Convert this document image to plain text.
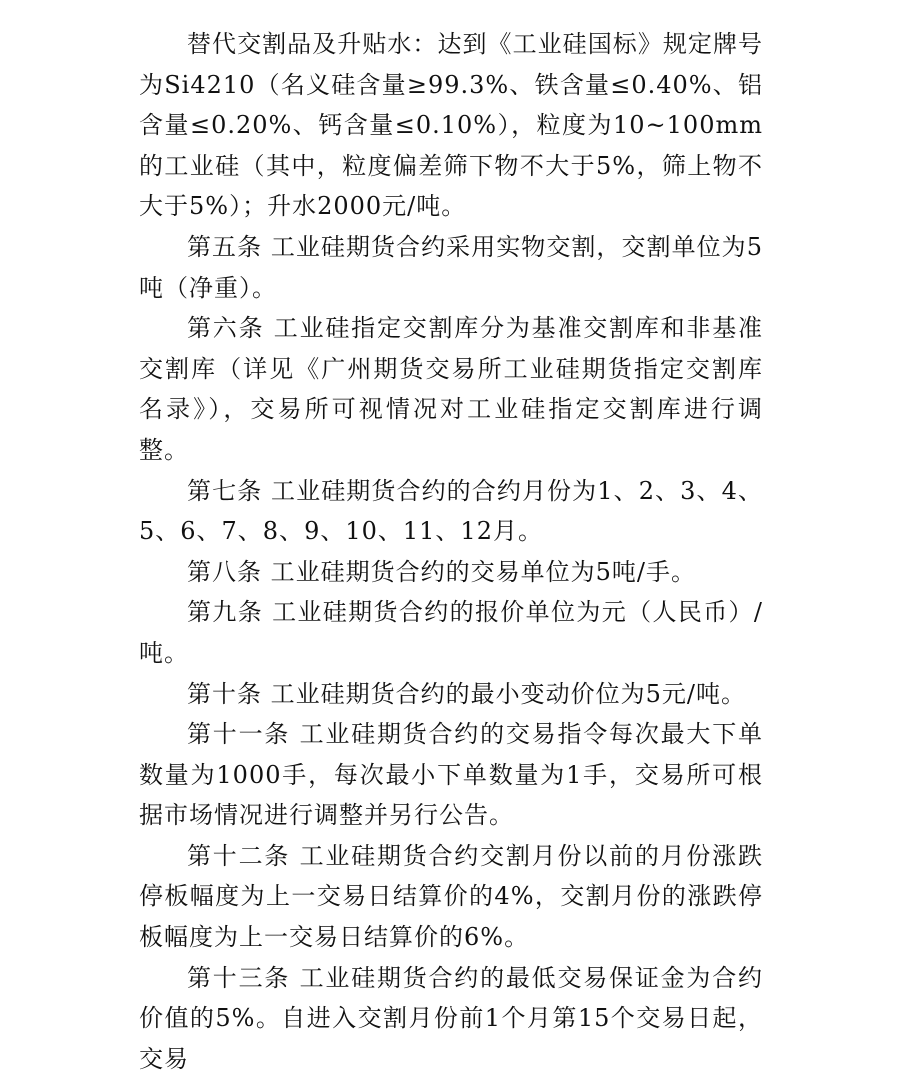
替代交割品及升贴水：达到《工业硅国标》规定牌号为Si4210（名义硅含量≥99.3%、铁含量≤0.40%、铝含量≤0.20%、钙含量≤0.10%），粒度为10~100mm的工业硅（其中，粒度偏差筛下物不大于5%，筛上物不大于5%）；升水2000元/吨。

第五条 工业硅期货合约采用实物交割，交割单位为5吨（净重）。

第六条 工业硅指定交割库分为基准交割库和非基准交割库（详见《广州期货交易所工业硅期货指定交割库名录》），交易所可视情况对工业硅指定交割库进行调整。

第七条 工业硅期货合约的合约月份为1、2、3、4、5、6、7、8、9、10、11、12月。

第八条 工业硅期货合约的交易单位为5吨/手。

第九条 工业硅期货合约的报价单位为元（人民币）/吨。

第十条 工业硅期货合约的最小变动价位为5元/吨。

第十一条 工业硅期货合约的交易指令每次最大下单数量为1000手，每次最小下单数量为1手，交易所可根据市场情况进行调整并另行公告。

第十二条 工业硅期货合约交割月份以前的月份涨跌停板幅度为上一交易日结算价的4%，交割月份的涨跌停板幅度为上一交易日结算价的6%。

第十三条 工业硅期货合约的最低交易保证金为合约价值的5%。自进入交割月份前1个月第15个交易日起，交易
